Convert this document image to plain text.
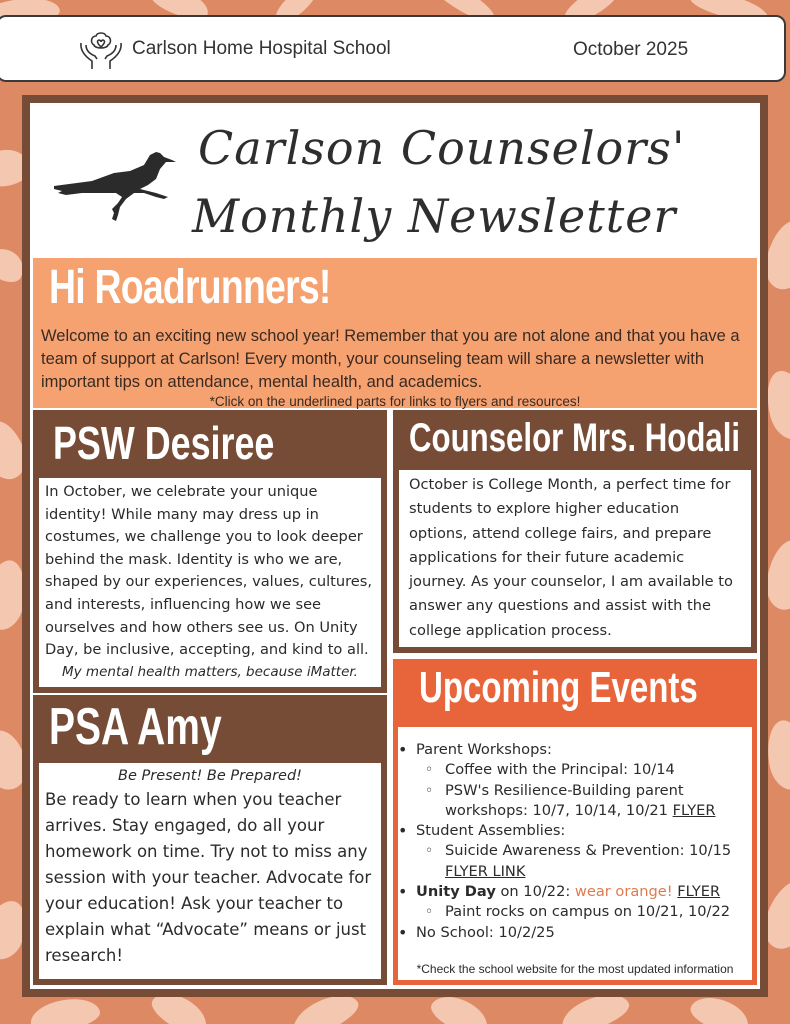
Carlson Home Hospital School	October 2025
Carlson Counselors'
Monthly Newsletter
Hi Roadrunners!

Welcome to an exciting new school year! Remember that you are not alone and that you have a team of support at Carlson! Every month, your counseling team will share a newsletter with important tips on attendance, mental health, and academics.

*Click on the underlined parts for links to flyers and resources!
PSW Desiree
In October, we celebrate your unique identity! While many may dress up in costumes, we challenge you to look deeper behind the mask. Identity is who we are, shaped by our experiences, values, cultures, and interests, influencing how we see ourselves and how others see us. On Unity Day, be inclusive, accepting, and kind to all.
My mental health matters, because iMatter.
Counselor Mrs. Hodali
October is College Month, a perfect time for students to explore higher education options, attend college fairs, and prepare applications for their future academic journey. As your counselor, I am available to answer any questions and assist with the college application process.
PSA Amy
Be Present! Be Prepared!
Be ready to learn when you teacher arrives. Stay engaged, do all your homework on time. Try not to miss any session with your teacher. Advocate for your education! Ask your teacher to explain what “Advocate” means or just research!
Upcoming Events
• Parent Workshops:
◦ Coffee with the Principal: 10/14
◦ PSW's Resilience-Building parent workshops: 10/7, 10/14, 10/21 FLYER
• Student Assemblies:
◦ Suicide Awareness & Prevention: 10/15 FLYER LINK
• Unity Day on 10/22: wear orange! FLYER
◦ Paint rocks on campus on 10/21, 10/22
• No School: 10/2/25
*Check the school website for the most updated information
